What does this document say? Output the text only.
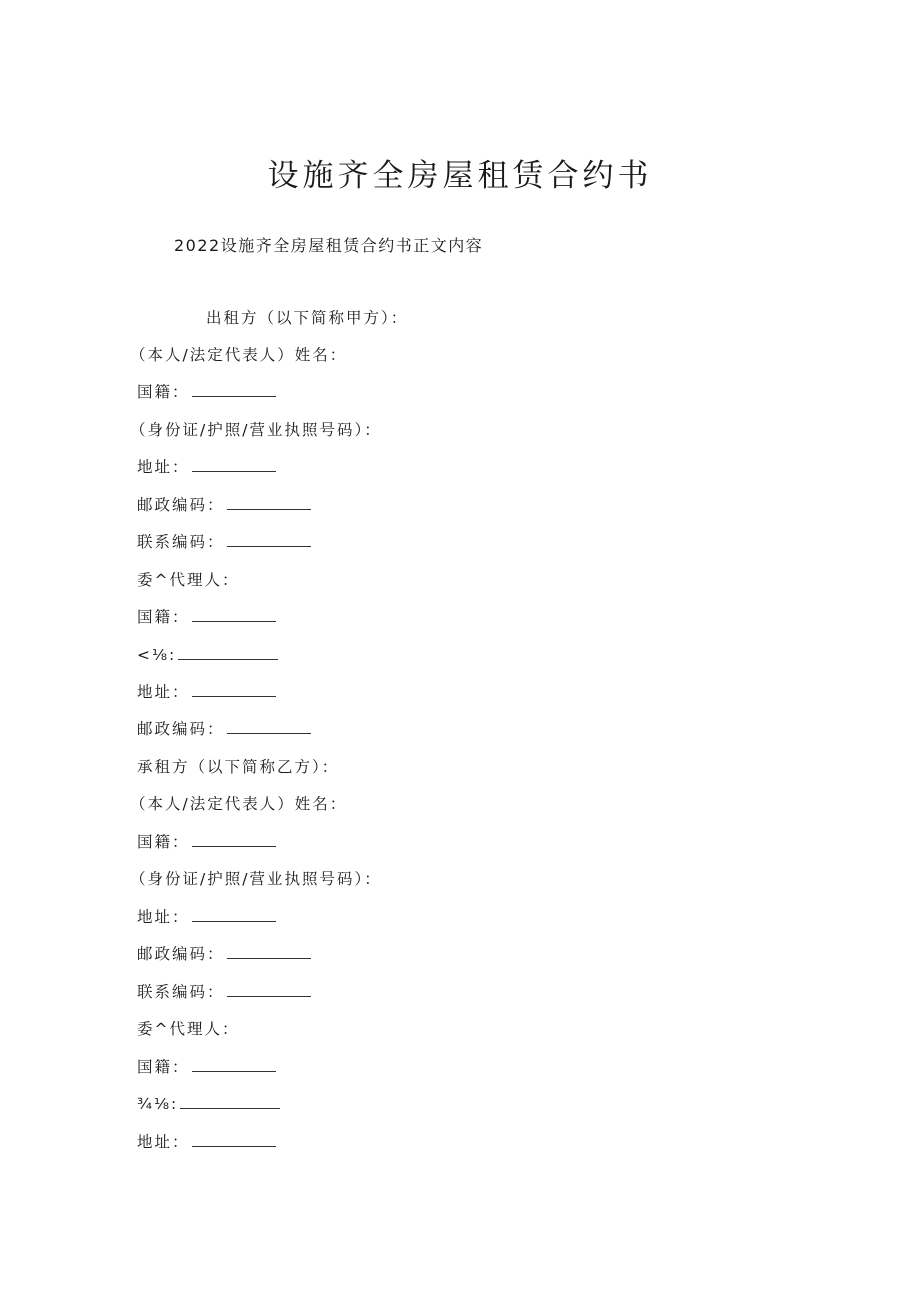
设施齐全房屋租赁合约书
2022设施齐全房屋租赁合约书正文内容
出租方（以下简称甲方）：
（本人/法定代表人）姓名：
国籍：
（身份证/护照/营业执照号码）：
地址：
邮政编码：
联系编码：
委^代理人：
国籍：
<⅛:
地址：
邮政编码：
承租方（以下简称乙方）：
（本人/法定代表人）姓名：
国籍：
（身份证/护照/营业执照号码）：
地址：
邮政编码：
联系编码：
委^代理人：
国籍：
¾⅛:
地址：
